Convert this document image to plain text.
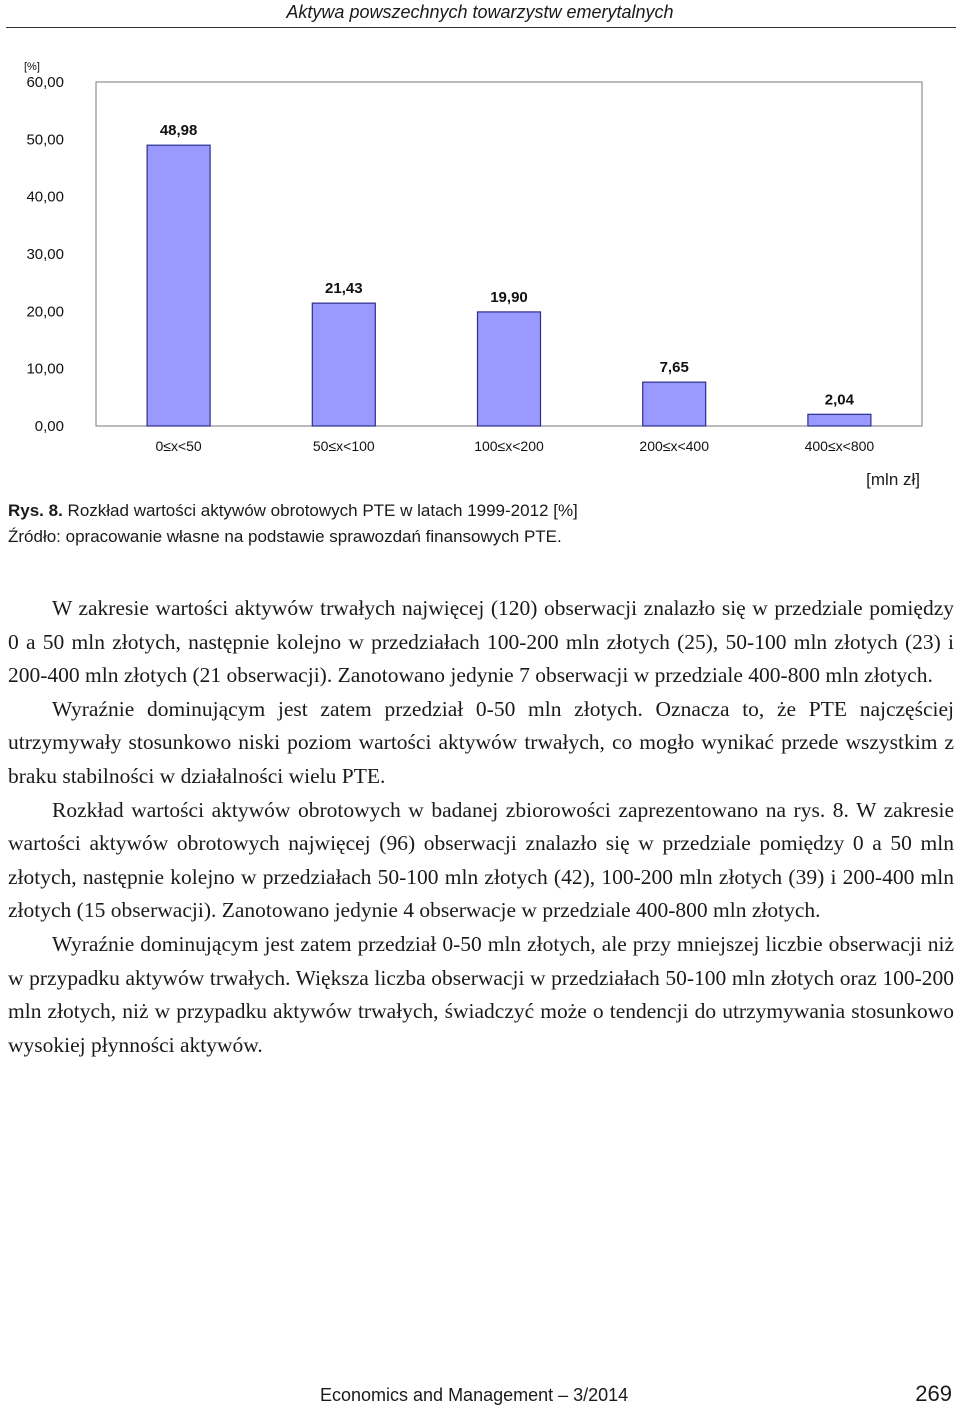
Aktywa powszechnych towarzystw emerytalnych
[%]
0,00
10,00
20,00
30,00
40,00
50,00
60,00
48,98
0≤x<50
21,43
50≤x<100
19,90
100≤x<200
7,65
200≤x<400
2,04
400≤x<800
[mln zł]
Rys. 8. Rozkład wartości aktywów obrotowych PTE w latach 1999-2012 [%]
Źródło: opracowanie własne na podstawie sprawozdań finansowych PTE.

W zakresie wartości aktywów trwałych najwięcej (120) obserwacji znalazło się w przedziale pomiędzy 0 a 50 mln złotych, następnie kolejno w przedziałach 100-200 mln złotych (25), 50-100 mln złotych (23) i 200-400 mln złotych (21 obserwacji). Zanotowano jedynie 7 obserwacji w przedziale 400-800 mln złotych.

Wyraźnie dominującym jest zatem przedział 0-50 mln złotych. Oznacza to, że PTE najczęściej utrzymywały stosunkowo niski poziom wartości aktywów trwałych, co mogło wynikać przede wszystkim z braku stabilności w działalności wielu PTE.

Rozkład wartości aktywów obrotowych w badanej zbiorowości zaprezentowano na rys. 8. W zakresie wartości aktywów obrotowych najwięcej (96) obserwacji znalazło się w przedziale pomiędzy 0 a 50 mln złotych, następnie kolejno w przedziałach 50-100 mln złotych (42), 100-200 mln złotych (39) i 200-400 mln złotych (15 obserwacji). Zanotowano jedynie 4 obserwacje w przedziale 400-800 mln złotych.

Wyraźnie dominującym jest zatem przedział 0-50 mln złotych, ale przy mniejszej liczbie obserwacji niż w przypadku aktywów trwałych. Większa liczba obserwacji w przedziałach 50-100 mln złotych oraz 100-200 mln złotych, niż w przypadku aktywów trwałych, świadczyć może o tendencji do utrzymywania stosunkowo wysokiej płynności aktywów.

Economics and Management – 3/2014	269
